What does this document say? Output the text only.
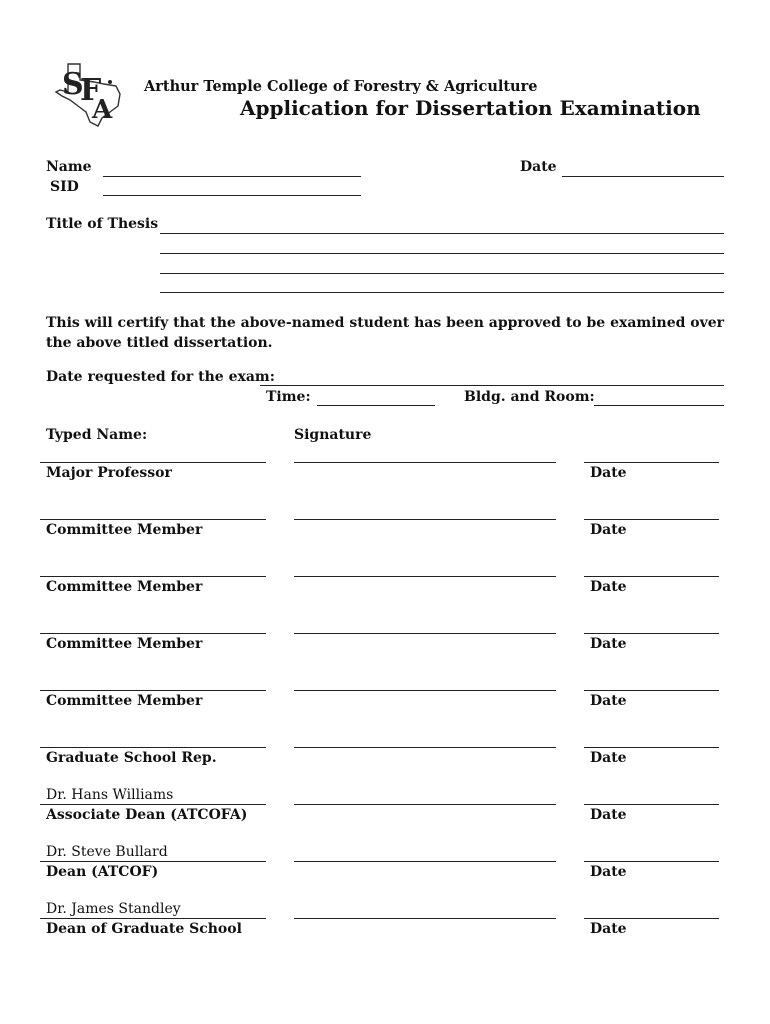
S
F
A
Arthur Temple College of Forestry & Agriculture
Application for Dissertation Examination
Name
SID
Date
Title of Thesis
This will certify that the above-named student has been approved to be examined over the above titled dissertation.
Date requested for the exam:
Time:	Bldg. and Room:
Typed Name:	Signature
Major Professor	Date
Committee Member	Date
Committee Member	Date
Committee Member	Date
Committee Member	Date
Graduate School Rep.	Date
Dr. Hans Williams
Associate Dean (ATCOFA)	Date
Dr. Steve Bullard
Dean (ATCOF)	Date
Dr. James Standley
Dean of Graduate School	Date
